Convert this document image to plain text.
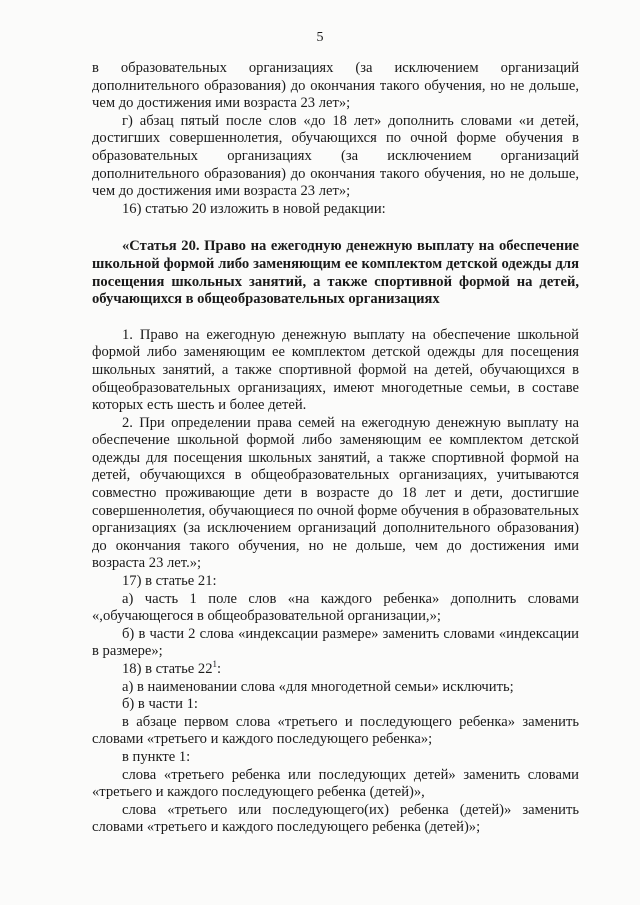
5

в образовательных организациях (за исключением организаций дополнительного образования) до окончания такого обучения, но не дольше, чем до достижения ими возраста 23 лет»;

г) абзац пятый после слов «до 18 лет» дополнить словами «и детей, достигших совершеннолетия, обучающихся по очной форме обучения в образовательных организациях (за исключением организаций дополнительного образования) до окончания такого обучения, но не дольше, чем до достижения ими возраста 23 лет»;

16) статью 20 изложить в новой редакции:

«Статья 20. Право на ежегодную денежную выплату на обеспечение школьной формой либо заменяющим ее комплектом детской одежды для посещения школьных занятий, а также спортивной формой на детей, обучающихся в общеобразовательных организациях

1. Право на ежегодную денежную выплату на обеспечение школьной формой либо заменяющим ее комплектом детской одежды для посещения школьных занятий, а также спортивной формой на детей, обучающихся в общеобразовательных организациях, имеют многодетные семьи, в составе которых есть шесть и более детей.

2. При определении права семей на ежегодную денежную выплату на обеспечение школьной формой либо заменяющим ее комплектом детской одежды для посещения школьных занятий, а также спортивной формой на детей, обучающихся в общеобразовательных организациях, учитываются совместно проживающие дети в возрасте до 18 лет и дети, достигшие совершеннолетия, обучающиеся по очной форме обучения в образовательных организациях (за исключением организаций дополнительного образования) до окончания такого обучения, но не дольше, чем до достижения ими возраста 23 лет.»;

17) в статье 21:

а) часть 1 поле слов «на каждого ребенка» дополнить словами «,обучающегося в общеобразовательной организации,»;

б) в части 2 слова «индексации размере» заменить словами «индексации в размере»;

18) в статье $22^1$:

а) в наименовании слова «для многодетной семьи» исключить;

б) в части 1:

в абзаце первом слова «третьего и последующего ребенка» заменить словами «третьего и каждого последующего ребенка»;

в пункте 1:

слова «третьего ребенка или последующих детей» заменить словами «третьего и каждого последующего ребенка (детей)»,

слова «третьего или последующего(их) ребенка (детей)» заменить словами «третьего и каждого последующего ребенка (детей)»;
